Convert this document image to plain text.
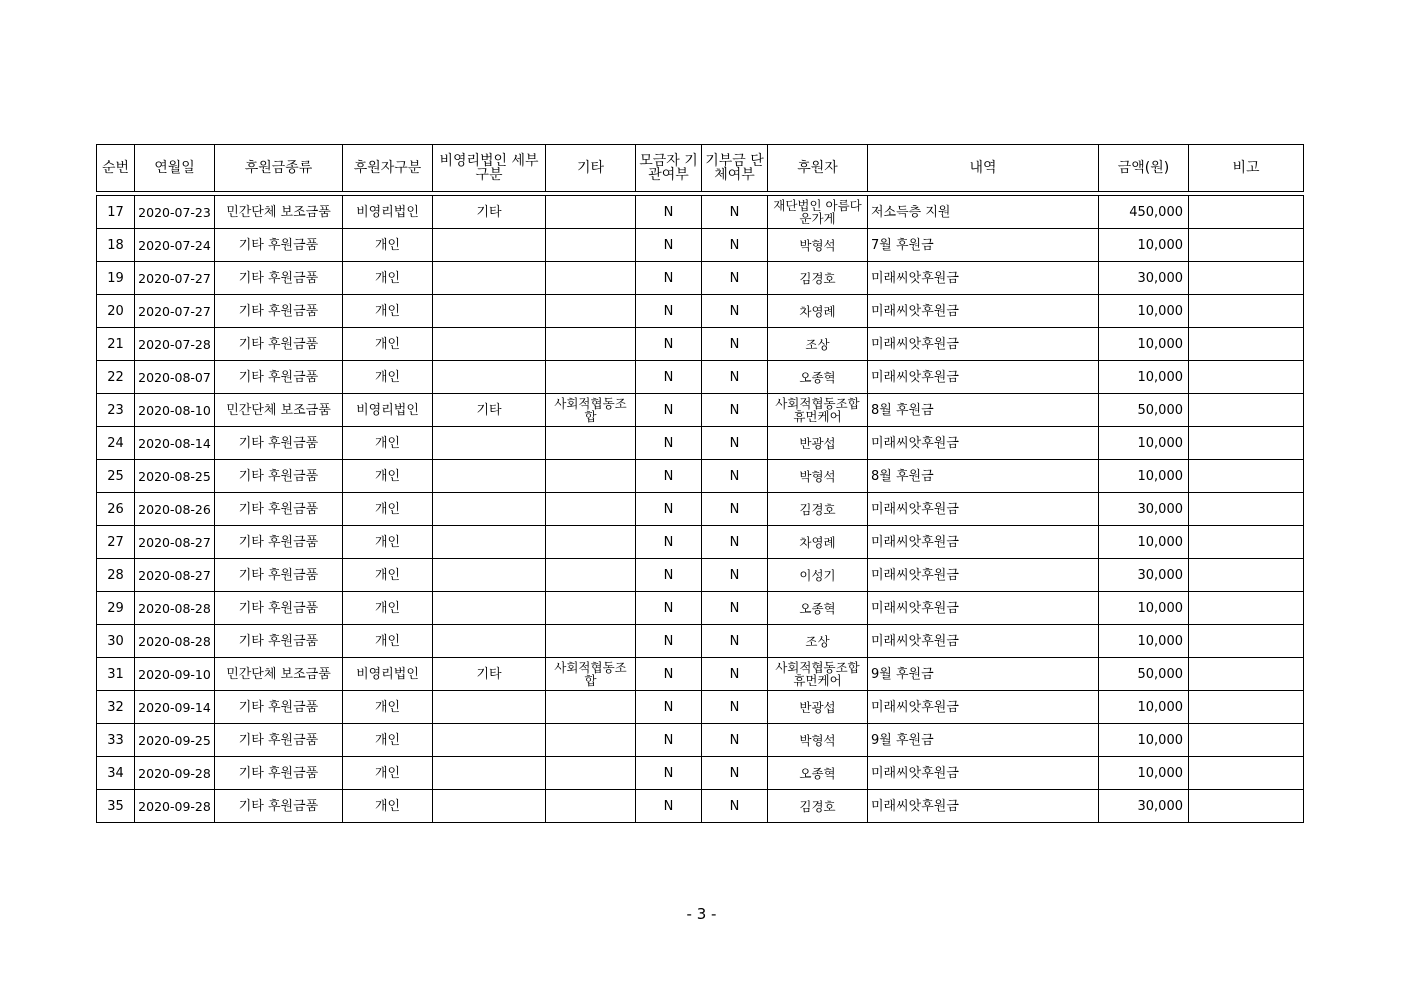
순번	연월일	후원금종류	후원자구분	비영리법인 세부구분	기타	모금자 기관여부	기부금 단체여부	후원자	내역	금액(원)	비고

17	2020-07-23	민간단체 보조금품	비영리법인	기타		N	N	재단법인 아름다운가게	저소득층 지원	450,000	
18	2020-07-24	기타 후원금품	개인			N	N	박형석	7월 후원금	10,000	
19	2020-07-27	기타 후원금품	개인			N	N	김경호	미래씨앗후원금	30,000	
20	2020-07-27	기타 후원금품	개인			N	N	차영례	미래씨앗후원금	10,000	
21	2020-07-28	기타 후원금품	개인			N	N	조상	미래씨앗후원금	10,000	
22	2020-08-07	기타 후원금품	개인			N	N	오종혁	미래씨앗후원금	10,000	
23	2020-08-10	민간단체 보조금품	비영리법인	기타	사회적협동조합	N	N	사회적협동조합 휴먼케어	8월 후원금	50,000	
24	2020-08-14	기타 후원금품	개인			N	N	반광섭	미래씨앗후원금	10,000	
25	2020-08-25	기타 후원금품	개인			N	N	박형석	8월 후원금	10,000	
26	2020-08-26	기타 후원금품	개인			N	N	김경호	미래씨앗후원금	30,000	
27	2020-08-27	기타 후원금품	개인			N	N	차영례	미래씨앗후원금	10,000	
28	2020-08-27	기타 후원금품	개인			N	N	이성기	미래씨앗후원금	30,000	
29	2020-08-28	기타 후원금품	개인			N	N	오종혁	미래씨앗후원금	10,000	
30	2020-08-28	기타 후원금품	개인			N	N	조상	미래씨앗후원금	10,000	
31	2020-09-10	민간단체 보조금품	비영리법인	기타	사회적협동조합	N	N	사회적협동조합 휴먼케어	9월 후원금	50,000	
32	2020-09-14	기타 후원금품	개인			N	N	반광섭	미래씨앗후원금	10,000	
33	2020-09-25	기타 후원금품	개인			N	N	박형석	9월 후원금	10,000	
34	2020-09-28	기타 후원금품	개인			N	N	오종혁	미래씨앗후원금	10,000	
35	2020-09-28	기타 후원금품	개인			N	N	김경호	미래씨앗후원금	30,000	
- 3 -
